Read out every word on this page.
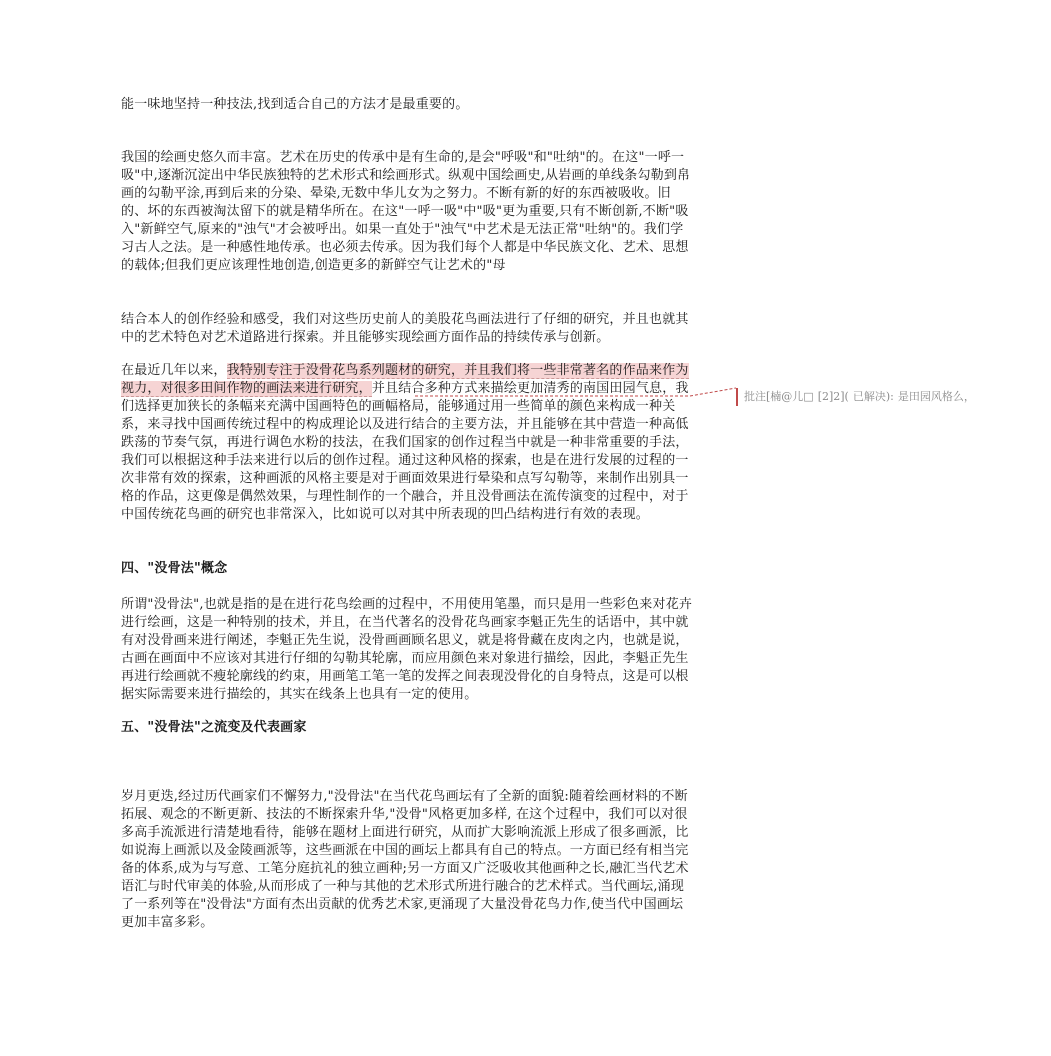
能一味地坚持一种技法,找到适合自己的方法才是最重要的。
我国的绘画史悠久而丰富。艺术在历史的传承中是有生命的,是会"呼吸"和"吐纳"的。在这"一呼一吸"中,逐渐沉淀出中华民族独特的艺术形式和绘画形式。纵观中国绘画史,从岩画的单线条勾勒到帛画的勾勒平涂,再到后来的分染、晕染,无数中华儿女为之努力。不断有新的好的东西被吸收。旧的、坏的东西被淘汰留下的就是精华所在。在这"一呼一吸"中"吸"更为重要,只有不断创新,不断"吸入"新鲜空气,原来的"浊气"才会被呼出。如果一直处于"浊气"中艺术是无法正常"吐纳"的。我们学习古人之法。是一种感性地传承。也必须去传承。因为我们每个人都是中华民族文化、艺术、思想的载体;但我们更应该理性地创造,创造更多的新鲜空气让艺术的"母
结合本人的创作经验和感受，我们对这些历史前人的美股花鸟画法进行了仔细的研究，并且也就其中的艺术特色对艺术道路进行探索。并且能够实现绘画方面作品的持续传承与创新。
在最近几年以来，我特别专注于没骨花鸟系列题材的研究，并且我们将一些非常著名的作品来作为视力，对很多田间作物的画法来进行研究，并且结合多种方式来描绘更加清秀的南国田园气息，我们选择更加狭长的条幅来充满中国画特色的画幅格局，能够通过用一些简单的颜色来构成一种关系，来寻找中国画传统过程中的构成理论以及进行结合的主要方法，并且能够在其中营造一种高低跌荡的节奏气氛，再进行调色水粉的技法，在我们国家的创作过程当中就是一种非常重要的手法，我们可以根据这种手法来进行以后的创作过程。通过这种风格的探索，也是在进行发展的过程的一次非常有效的探索，这种画派的风格主要是对于画面效果进行晕染和点写勾勒等，来制作出别具一格的作品，这更像是偶然效果，与理性制作的一个融合，并且没骨画法在流传演变的过程中，对于中国传统花鸟画的研究也非常深入，比如说可以对其中所表现的凹凸结构进行有效的表现。
四、"没骨法"概念
所谓"没骨法",也就是指的是在进行花鸟绘画的过程中，不用使用笔墨，而只是用一些彩色来对花卉进行绘画，这是一种特别的技术，并且，在当代著名的没骨花鸟画家李魁正先生的话语中，其中就有对没骨画来进行阐述，李魁正先生说，没骨画画顾名思义，就是将骨藏在皮肉之内，也就是说，古画在画面中不应该对其进行仔细的勾勒其轮廓，而应用颜色来对象进行描绘，因此，李魁正先生再进行绘画就不瘦轮廓线的约束，用画笔工笔一笔的发挥之间表现没骨化的自身特点，这是可以根据实际需要来进行描绘的，其实在线条上也具有一定的使用。
五、"没骨法"之流变及代表画家
岁月更迭,经过历代画家们不懈努力,"没骨法"在当代花鸟画坛有了全新的面貌:随着绘画材料的不断拓展、观念的不断更新、技法的不断探索升华,"没骨"风格更加多样, 在这个过程中，我们可以对很多高手流派进行清楚地看待，能够在题材上面进行研究，从而扩大影响流派上形成了很多画派，比如说海上画派以及金陵画派等，这些画派在中国的画坛上都具有自己的特点。一方面已经有相当完备的体系,成为与写意、工笔分庭抗礼的独立画种;另一方面又广泛吸收其他画种之长,融汇当代艺术语汇与时代审美的体验,从而形成了一种与其他的艺术形式所进行融合的艺术样式。当代画坛,涌现了一系列等在"没骨法"方面有杰出贡献的优秀艺术家,更涌现了大量没骨花鸟力作,使当代中国画坛更加丰富多彩。
批注[楠@儿□ [2]2]( 已解决): 是田园风格么，
